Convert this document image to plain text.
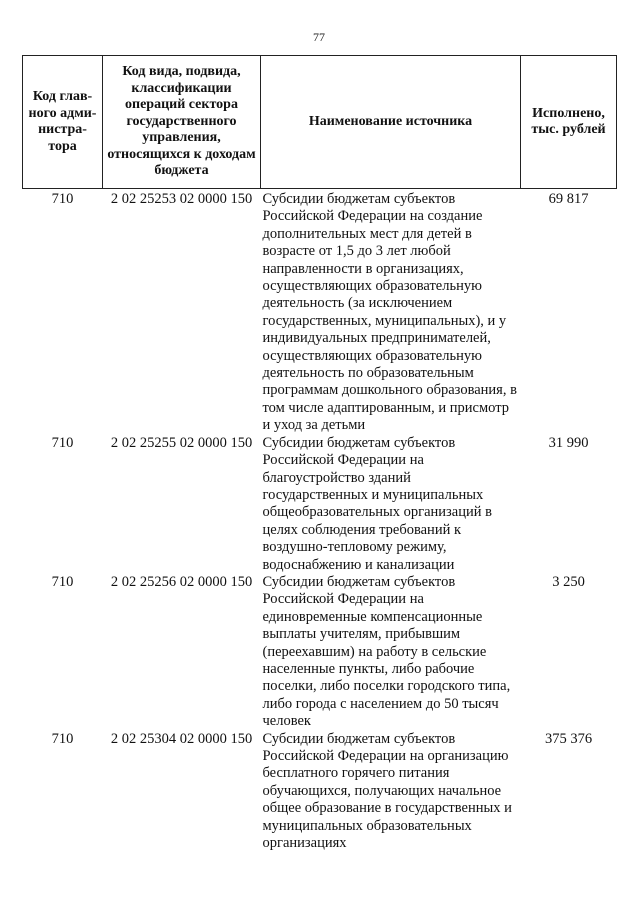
77
Код глав-ного адми-нистра-тора	Код вида, подвида, классификации операций сектора государственного управления, относящихся к доходам бюджета	Наименование источника	Исполнено, тыс. рублей
710	2 02 25253 02 0000 150	Субсидии бюджетам субъектов Российской Федерации на создание дополнительных мест для детей в возрасте от 1,5 до 3 лет любой направленности в организациях, осуществляющих образовательную деятельность (за исключением государственных, муниципальных), и у индивидуальных предпринимателей, осуществляющих образовательную деятельность по образовательным программам дошкольного образования, в том числе адаптированным, и присмотр и уход за детьми	69 817
710	2 02 25255 02 0000 150	Субсидии бюджетам субъектов Российской Федерации на благоустройство зданий государственных и муниципальных общеобразовательных организаций в целях соблюдения требований к воздушно-тепловому режиму, водоснабжению и канализации	31 990
710	2 02 25256 02 0000 150	Субсидии бюджетам субъектов Российской Федерации на единовременные компенсационные выплаты учителям, прибывшим (переехавшим) на работу в сельские населенные пункты, либо рабочие поселки, либо поселки городского типа, либо города с населением до 50 тысяч человек	3 250
710	2 02 25304 02 0000 150	Субсидии бюджетам субъектов Российской Федерации на организацию бесплатного горячего питания обучающихся, получающих начальное общее образование в государственных и муниципальных образовательных организациях	375 376
